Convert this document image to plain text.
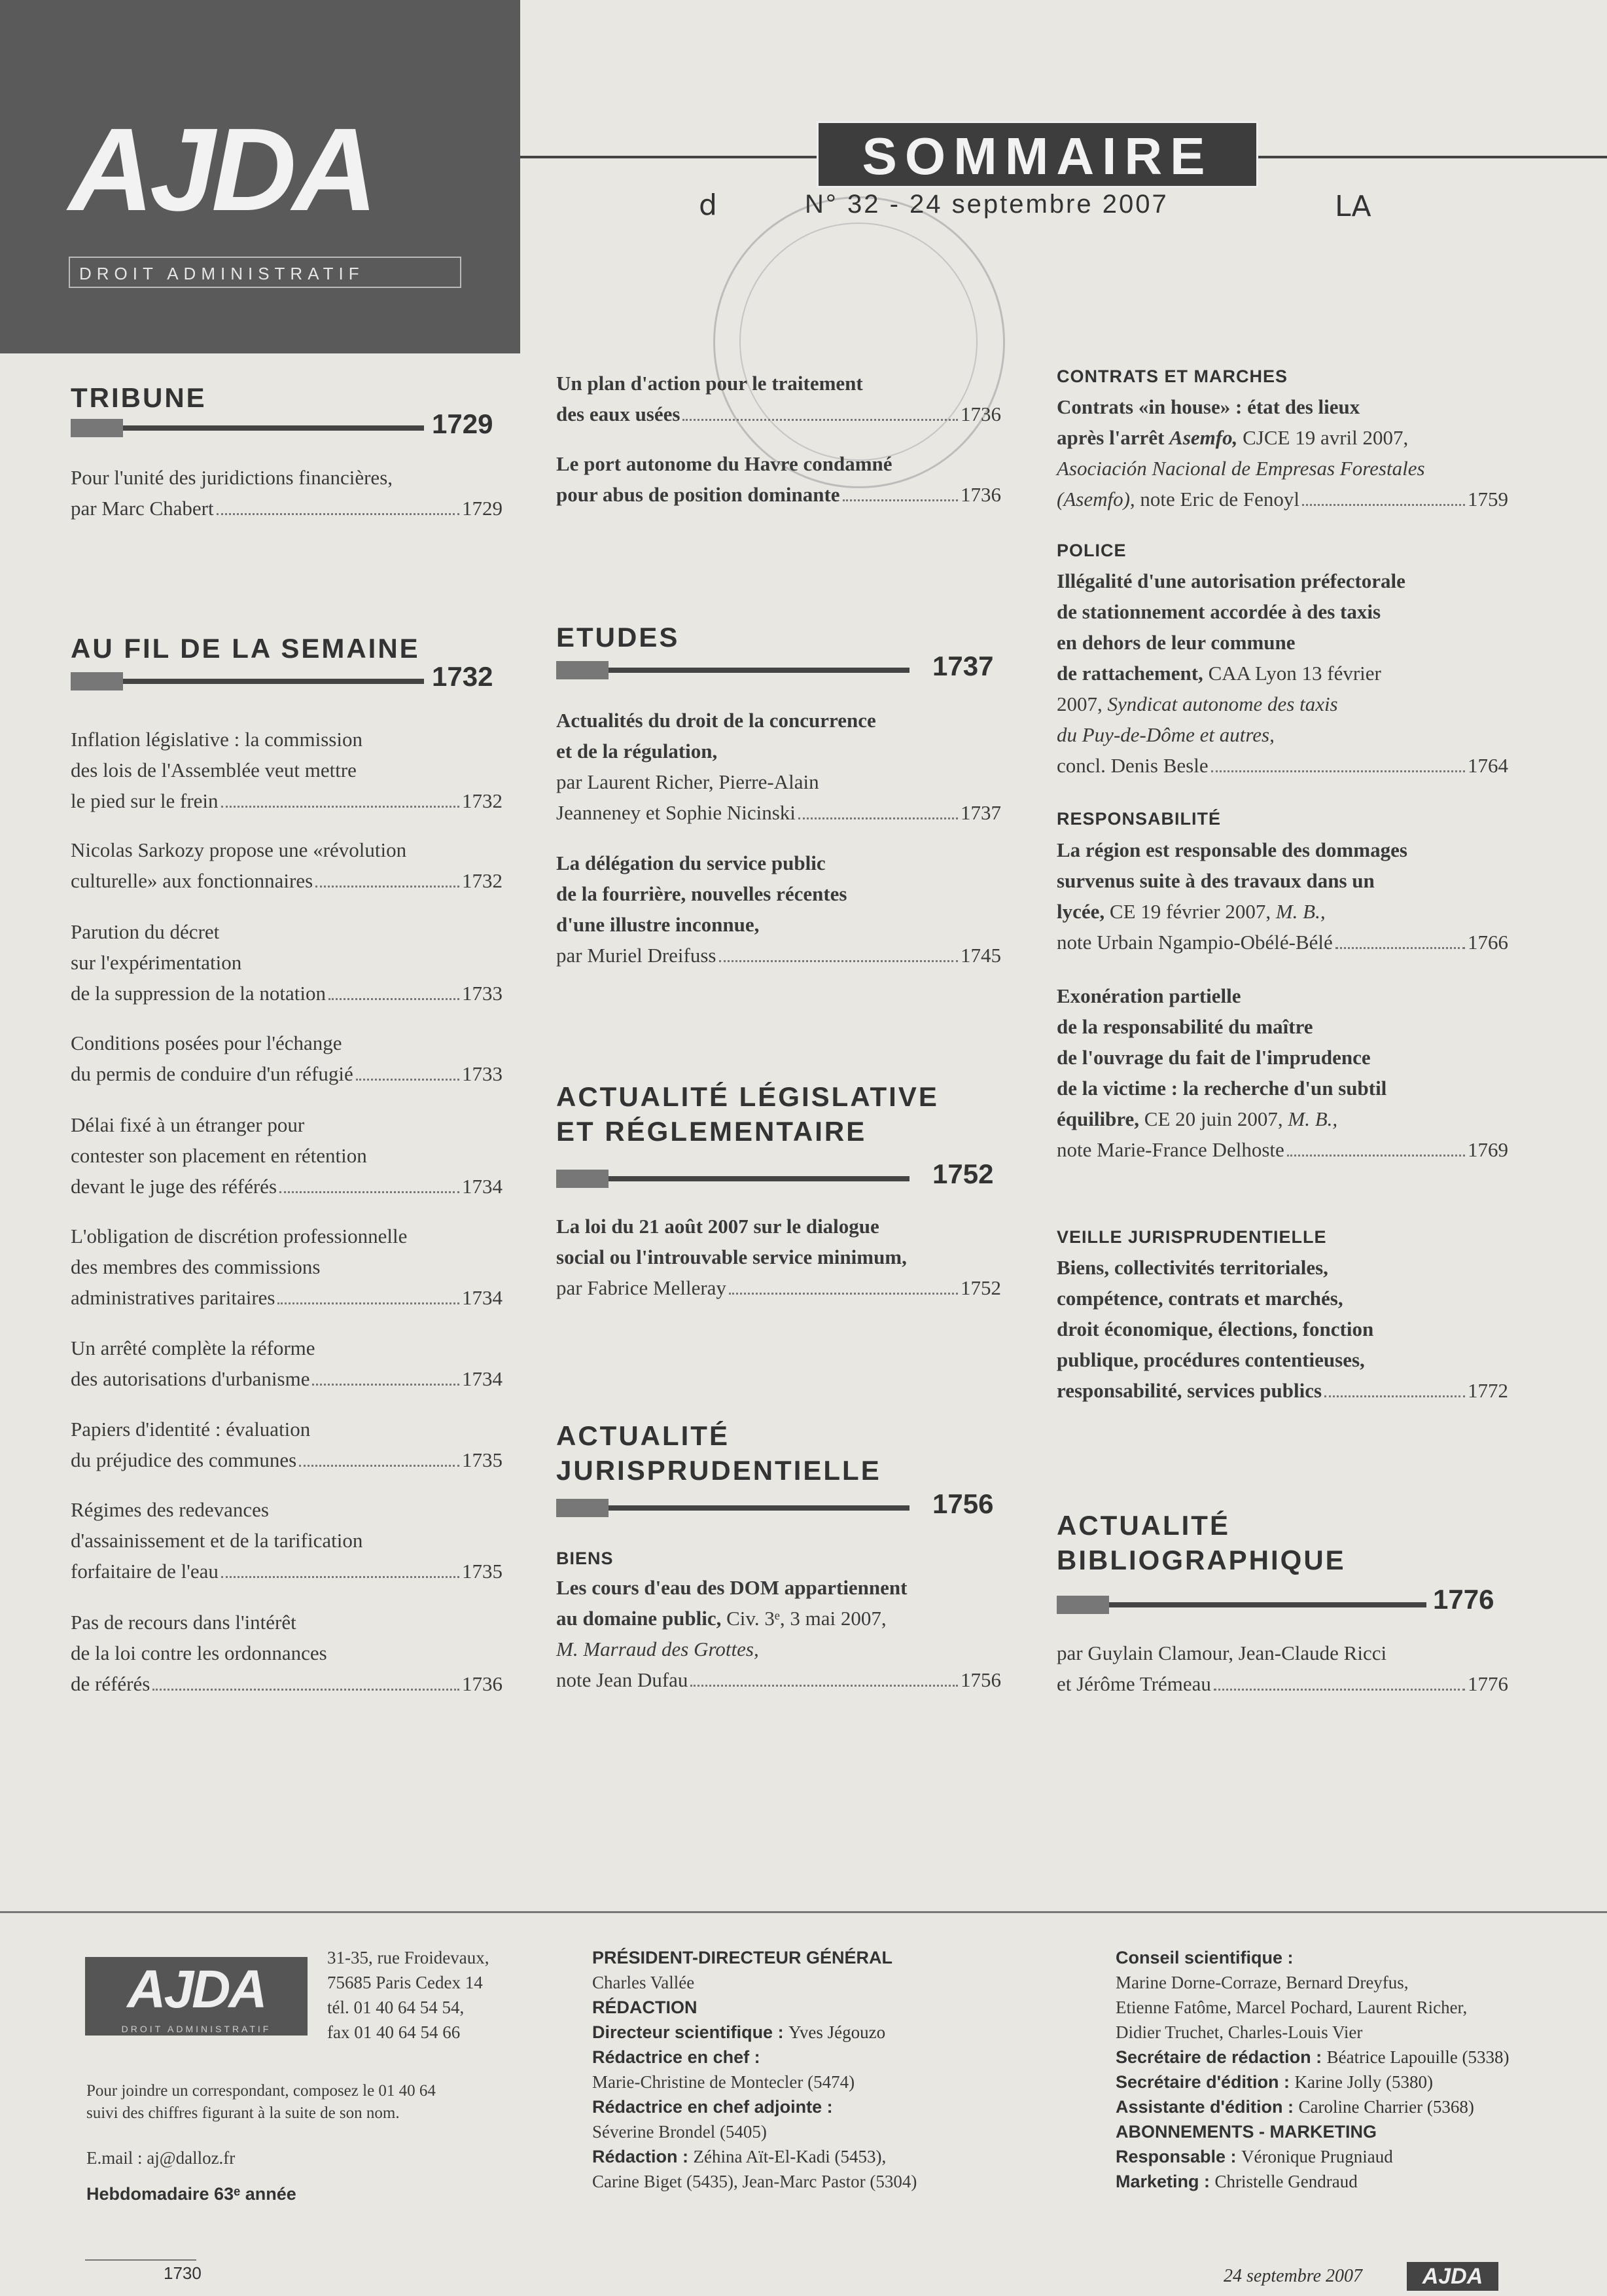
AJDA
DROIT ADMINISTRATIF
SOMMAIRE
d	N° 32 - 24 septembre 2007	LA
TRIBUNE
1729
Pour l'unité des juridictions financières,
par Marc Chabert	1729
AU FIL DE LA SEMAINE
1732
Inflation législative : la commission
des lois de l'Assemblée veut mettre
le pied sur le frein	1732
Nicolas Sarkozy propose une «révolution
culturelle» aux fonctionnaires	1732
Parution du décret
sur l'expérimentation
de la suppression de la notation	1733
Conditions posées pour l'échange
du permis de conduire d'un réfugié	1733
Délai fixé à un étranger pour
contester son placement en rétention
devant le juge des référés	1734
L'obligation de discrétion professionnelle
des membres des commissions
administratives paritaires	1734
Un arrêté complète la réforme
des autorisations d'urbanisme	1734
Papiers d'identité : évaluation
du préjudice des communes	1735
Régimes des redevances
d'assainissement et de la tarification
forfaitaire de l'eau	1735
Pas de recours dans l'intérêt
de la loi contre les ordonnances
de référés	1736
Un plan d'action pour le traitement
des eaux usées	1736
Le port autonome du Havre condamné
pour abus de position dominante	1736
ETUDES
1737
Actualités du droit de la concurrence
et de la régulation,
par Laurent Richer, Pierre-Alain
Jeanneney et Sophie Nicinski	1737
La délégation du service public
de la fourrière, nouvelles récentes
d'une illustre inconnue,
par Muriel Dreifuss	1745
ACTUALITÉ LÉGISLATIVE
ET RÉGLEMENTAIRE
1752
La loi du 21 août 2007 sur le dialogue
social ou l'introuvable service minimum,
par Fabrice Melleray	1752
ACTUALITÉ
JURISPRUDENTIELLE
1756
BIENS
Les cours d'eau des DOM appartiennent
au domaine public, Civ. 3ᵉ, 3 mai 2007,
M. Marraud des Grottes,
note Jean Dufau	1756
CONTRATS ET MARCHES
Contrats «in house» : état des lieux
après l'arrêt Asemfo, CJCE 19 avril 2007,
Asociación Nacional de Empresas Forestales
(Asemfo), note Eric de Fenoyl	1759
POLICE
Illégalité d'une autorisation préfectorale
de stationnement accordée à des taxis
en dehors de leur commune
de rattachement, CAA Lyon 13 février
2007, Syndicat autonome des taxis
du Puy-de-Dôme et autres,
concl. Denis Besle	1764
RESPONSABILITÉ
La région est responsable des dommages
survenus suite à des travaux dans un
lycée, CE 19 février 2007, M. B.,
note Urbain Ngampio-Obélé-Bélé	1766
Exonération partielle
de la responsabilité du maître
de l'ouvrage du fait de l'imprudence
de la victime : la recherche d'un subtil
équilibre, CE 20 juin 2007, M. B.,
note Marie-France Delhoste	1769
VEILLE JURISPRUDENTIELLE
Biens, collectivités territoriales,
compétence, contrats et marchés,
droit économique, élections, fonction
publique, procédures contentieuses,
responsabilité, services publics	1772
ACTUALITÉ
BIBLIOGRAPHIQUE
1776
par Guylain Clamour, Jean-Claude Ricci
et Jérôme Trémeau	1776
AJDA
DROIT ADMINISTRATIF
31-35, rue Froidevaux,
75685 Paris Cedex 14
tél. 01 40 64 54 54,
fax 01 40 64 54 66
Pour joindre un correspondant, composez le 01 40 64
suivi des chiffres figurant à la suite de son nom.
E.mail : aj@dalloz.fr
Hebdomadaire 63ᵉ année
PRÉSIDENT-DIRECTEUR GÉNÉRAL
Charles Vallée
RÉDACTION
Directeur scientifique : Yves Jégouzo
Rédactrice en chef :
Marie-Christine de Montecler (5474)
Rédactrice en chef adjointe :
Séverine Brondel (5405)
Rédaction : Zéhina Aït-El-Kadi (5453),
Carine Biget (5435), Jean-Marc Pastor (5304)
Conseil scientifique :
Marine Dorne-Corraze, Bernard Dreyfus,
Etienne Fatôme, Marcel Pochard, Laurent Richer,
Didier Truchet, Charles-Louis Vier
Secrétaire de rédaction : Béatrice Lapouille (5338)
Secrétaire d'édition : Karine Jolly (5380)
Assistante d'édition : Caroline Charrier (5368)
ABONNEMENTS - MARKETING
Responsable : Véronique Prugniaud
Marketing : Christelle Gendraud
1730	24 septembre 2007	AJDA
